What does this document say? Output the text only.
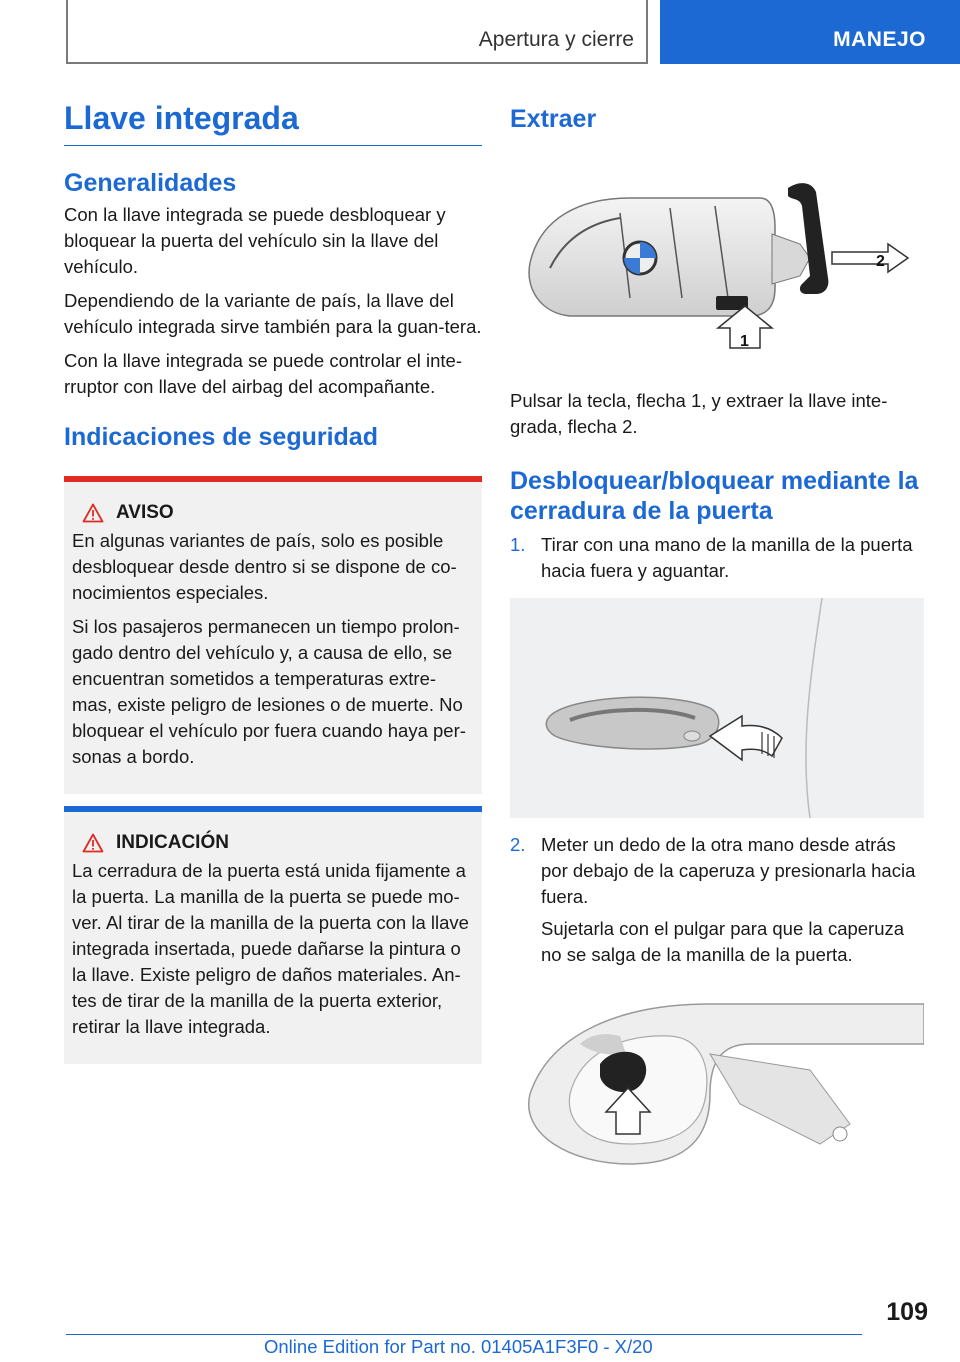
Apertura y cierre	MANEJO
Llave integrada
Generalidades

Con la llave integrada se puede desbloquear y bloquear la puerta del vehículo sin la llave del vehículo.

Dependiendo de la variante de país, la llave del vehículo integrada sirve también para la guan-tera.

Con la llave integrada se puede controlar el inte-rruptor con llave del airbag del acompañante.

Indicaciones de seguridad
AVISO

En algunas variantes de país, solo es posible desbloquear desde dentro si se dispone de co-nocimientos especiales.

Si los pasajeros permanecen un tiempo prolon-gado dentro del vehículo y, a causa de ello, se encuentran sometidos a temperaturas extre-mas, existe peligro de lesiones o de muerte. No bloquear el vehículo por fuera cuando haya per-sonas a bordo.

INDICACIÓN

La cerradura de la puerta está unida fijamente a la puerta. La manilla de la puerta se puede mo-ver. Al tirar de la manilla de la puerta con la llave integrada insertada, puede dañarse la pintura o la llave. Existe peligro de daños materiales. An-tes de tirar de la manilla de la puerta exterior, retirar la llave integrada.

Extraer
2
1

Pulsar la tecla, flecha 1, y extraer la llave inte-grada, flecha 2.

Desbloquear/bloquear mediante la cerradura de la puerta
1. Tirar con una mano de la manilla de la puerta hacia fuera y aguantar.
2. Meter un dedo de la otra mano desde atrás por debajo de la caperuza y presionarla hacia fuera.

Sujetarla con el pulgar para que la caperuza no se salga de la manilla de la puerta.

109
Online Edition for Part no. 01405A1F3F0 - X/20
